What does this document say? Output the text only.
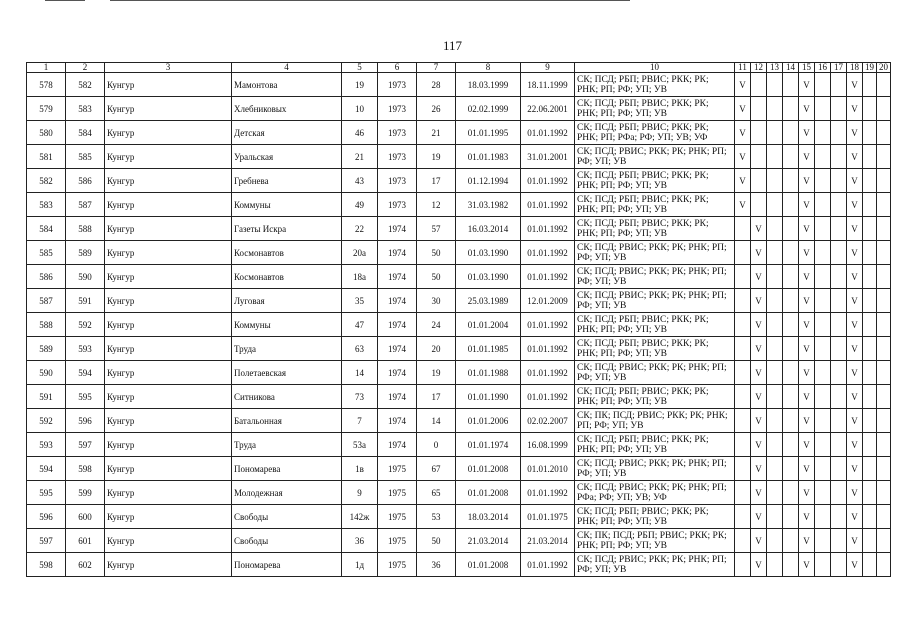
117
1	2	3	4	5	6	7	8	9	10	11	12	13	14	15	16	17	18	19	20
578	582	Кунгур	Мамонтова	19	1973	28	18.03.1999	18.11.1999	СК; ПСД; РБП; РВИС; РКК; РК; РНК; РП; РФ; УП; УВ	V				V			V		
579	583	Кунгур	Хлебниковых	10	1973	26	02.02.1999	22.06.2001	СК; ПСД; РБП; РВИС; РКК; РК; РНК; РП; РФ; УП; УВ	V				V			V		
580	584	Кунгур	Детская	46	1973	21	01.01.1995	01.01.1992	СК; ПСД; РБП; РВИС; РКК; РК; РНК; РП; РФа; РФ; УП; УВ; УФ	V				V			V		
581	585	Кунгур	Уральская	21	1973	19	01.01.1983	31.01.2001	СК; ПСД; РВИС; РКК; РК; РНК; РП; РФ; УП; УВ	V				V			V		
582	586	Кунгур	Гребнева	43	1973	17	01.12.1994	01.01.1992	СК; ПСД; РБП; РВИС; РКК; РК; РНК; РП; РФ; УП; УВ	V				V			V		
583	587	Кунгур	Коммуны	49	1973	12	31.03.1982	01.01.1992	СК; ПСД; РБП; РВИС; РКК; РК; РНК; РП; РФ; УП; УВ	V				V			V		
584	588	Кунгур	Газеты Искра	22	1974	57	16.03.2014	01.01.1992	СК; ПСД; РБП; РВИС; РКК; РК; РНК; РП; РФ; УП; УВ		V			V			V		
585	589	Кунгур	Космонавтов	20а	1974	50	01.03.1990	01.01.1992	СК; ПСД; РВИС; РКК; РК; РНК; РП; РФ; УП; УВ		V			V			V		
586	590	Кунгур	Космонавтов	18а	1974	50	01.03.1990	01.01.1992	СК; ПСД; РВИС; РКК; РК; РНК; РП; РФ; УП; УВ		V			V			V		
587	591	Кунгур	Луговая	35	1974	30	25.03.1989	12.01.2009	СК; ПСД; РВИС; РКК; РК; РНК; РП; РФ; УП; УВ		V			V			V		
588	592	Кунгур	Коммуны	47	1974	24	01.01.2004	01.01.1992	СК; ПСД; РБП; РВИС; РКК; РК; РНК; РП; РФ; УП; УВ		V			V			V		
589	593	Кунгур	Труда	63	1974	20	01.01.1985	01.01.1992	СК; ПСД; РБП; РВИС; РКК; РК; РНК; РП; РФ; УП; УВ		V			V			V		
590	594	Кунгур	Полетаевская	14	1974	19	01.01.1988	01.01.1992	СК; ПСД; РВИС; РКК; РК; РНК; РП; РФ; УП; УВ		V			V			V		
591	595	Кунгур	Ситникова	73	1974	17	01.01.1990	01.01.1992	СК; ПСД; РБП; РВИС; РКК; РК; РНК; РП; РФ; УП; УВ		V			V			V		
592	596	Кунгур	Батальонная	7	1974	14	01.01.2006	02.02.2007	СК; ПК; ПСД; РВИС; РКК; РК; РНК; РП; РФ; УП; УВ		V			V			V		
593	597	Кунгур	Труда	53а	1974	0	01.01.1974	16.08.1999	СК; ПСД; РБП; РВИС; РКК; РК; РНК; РП; РФ; УП; УВ		V			V			V		
594	598	Кунгур	Пономарева	1в	1975	67	01.01.2008	01.01.2010	СК; ПСД; РВИС; РКК; РК; РНК; РП; РФ; УП; УВ		V			V			V		
595	599	Кунгур	Молодежная	9	1975	65	01.01.2008	01.01.1992	СК; ПСД; РВИС; РКК; РК; РНК; РП; РФа; РФ; УП; УВ; УФ		V			V			V		
596	600	Кунгур	Свободы	142ж	1975	53	18.03.2014	01.01.1975	СК; ПСД; РБП; РВИС; РКК; РК; РНК; РП; РФ; УП; УВ		V			V			V		
597	601	Кунгур	Свободы	36	1975	50	21.03.2014	21.03.2014	СК; ПК; ПСД; РБП; РВИС; РКК; РК; РНК; РП; РФ; УП; УВ		V			V			V		
598	602	Кунгур	Пономарева	1д	1975	36	01.01.2008	01.01.1992	СК; ПСД; РВИС; РКК; РК; РНК; РП; РФ; УП; УВ		V			V			V		
